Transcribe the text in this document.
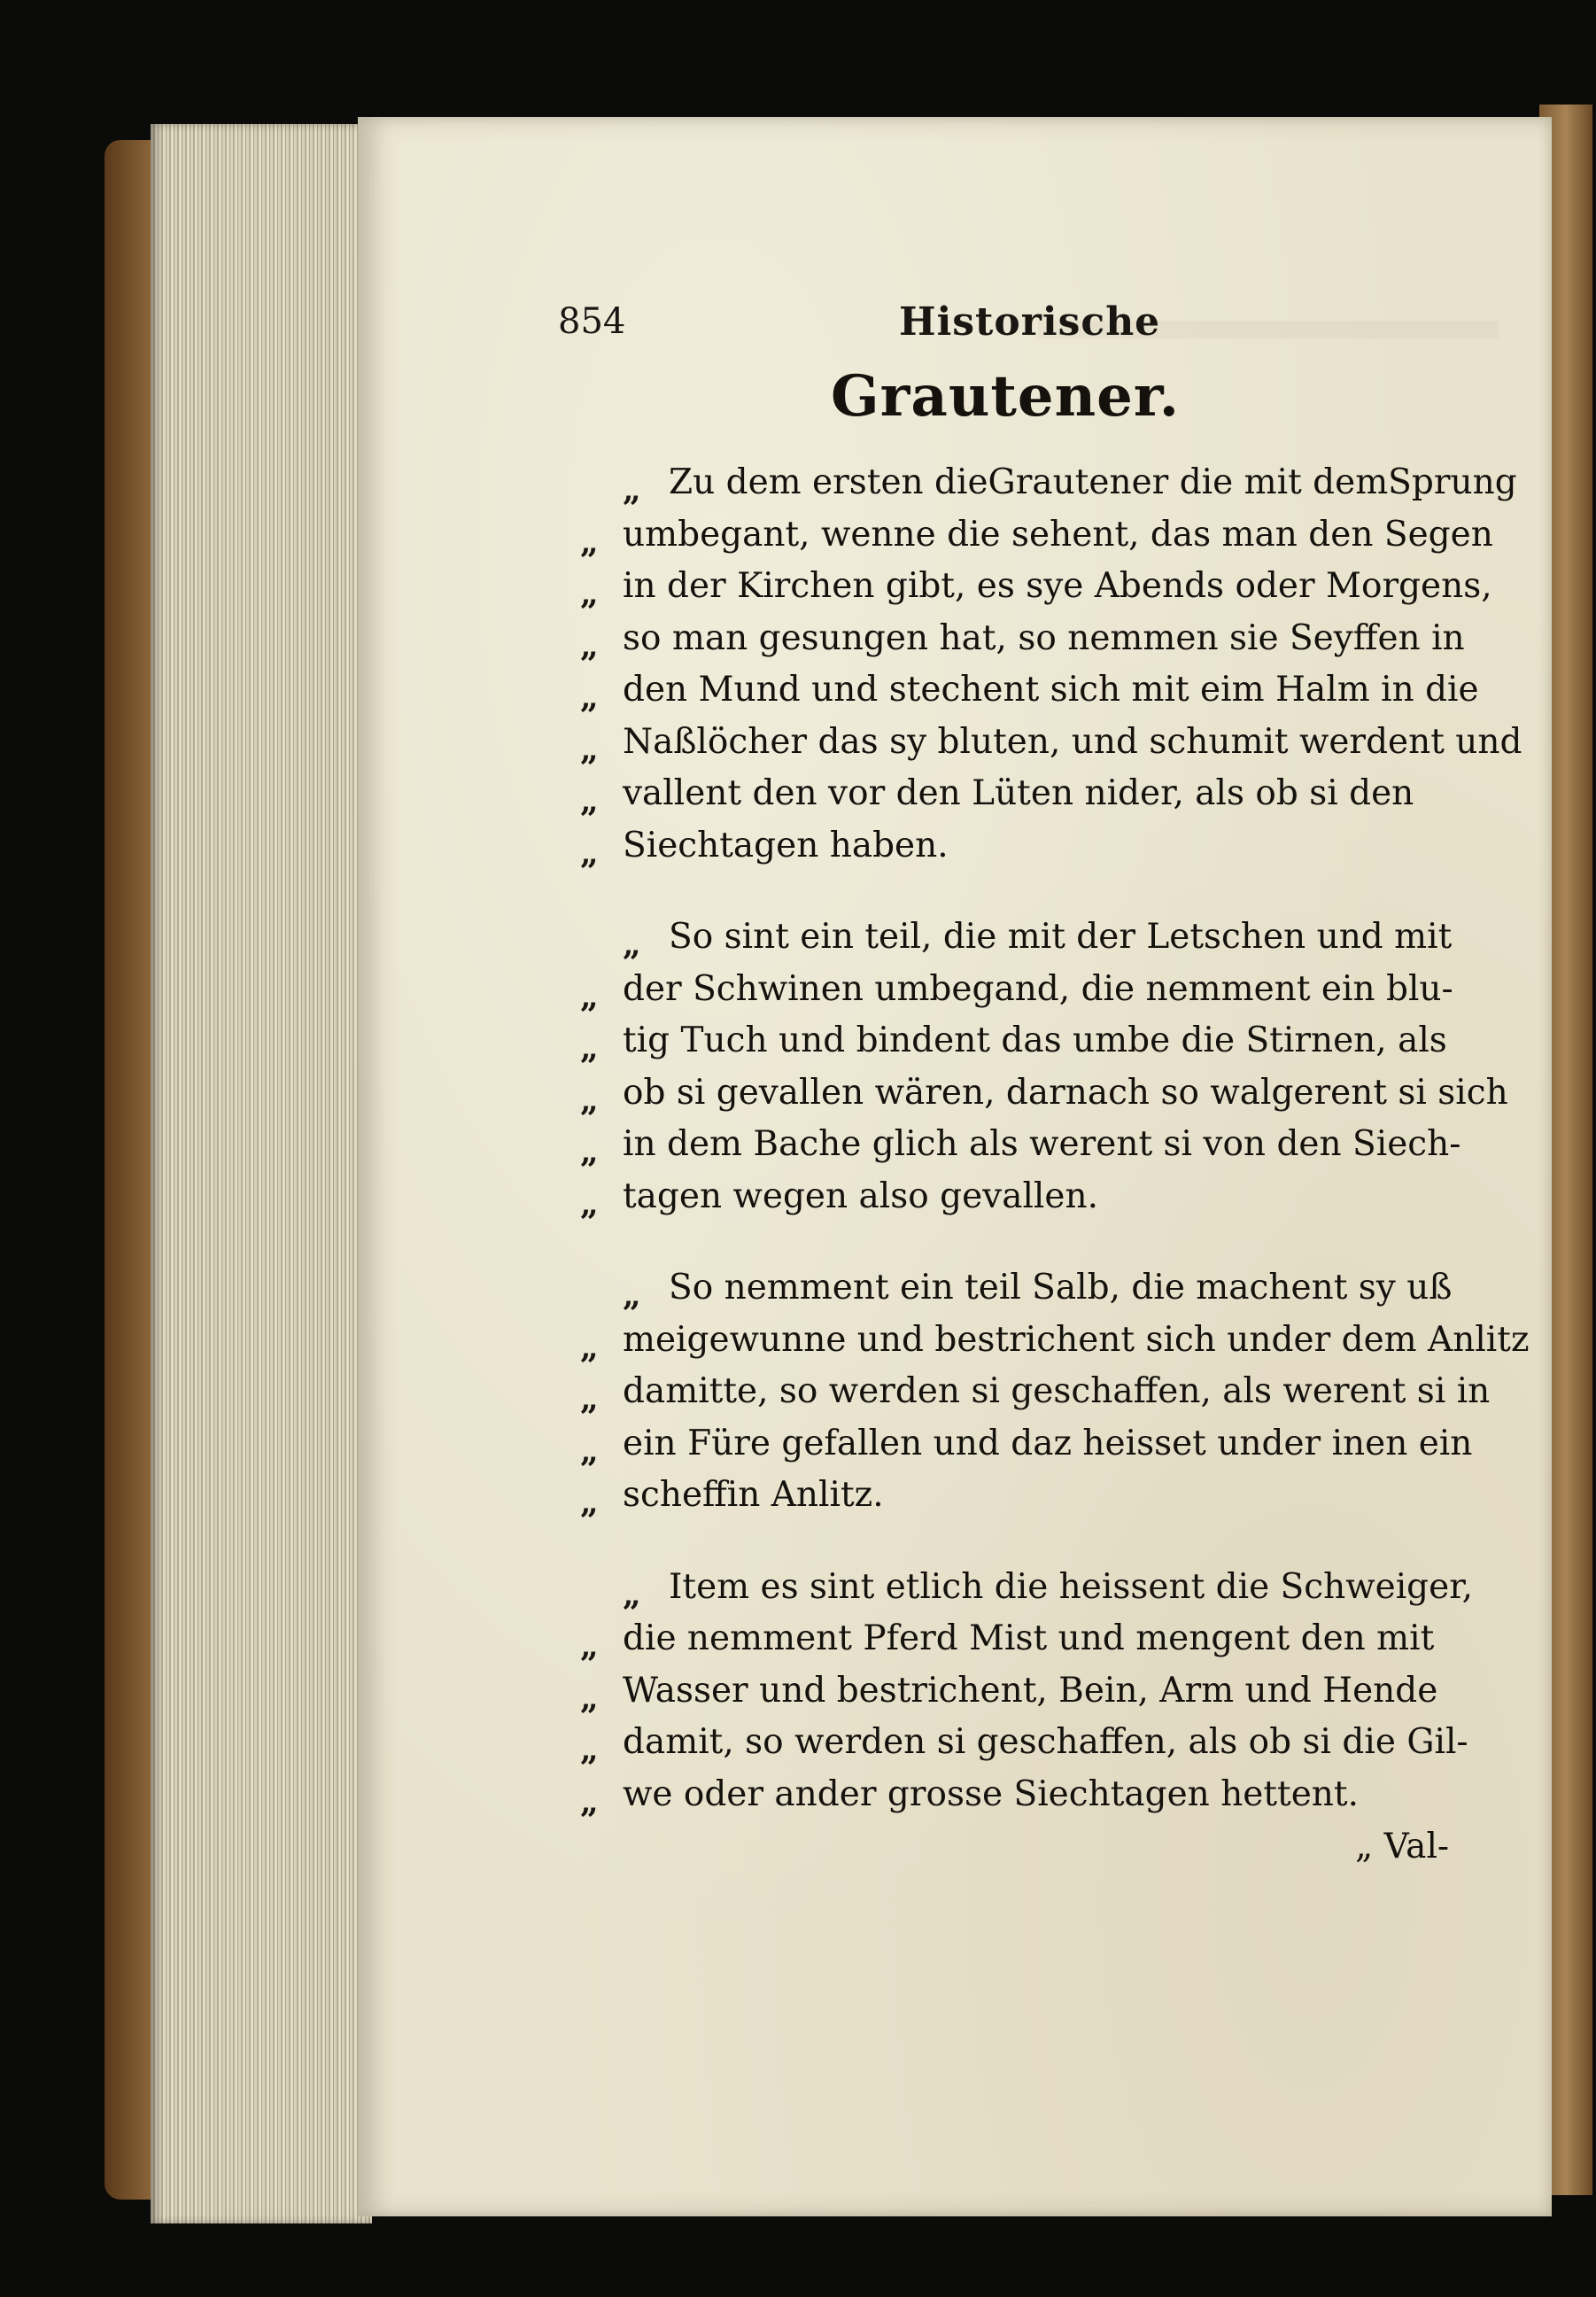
854	Historische
Grautener.
„ Zu dem ersten dieGrautener die mit demSprung
„ umbegant, wenne die sehent, das man den Segen
„ in der Kirchen gibt, es sye Abends oder Morgens,
„ so man gesungen hat, so nemmen sie Seyffen in
„ den Mund und stechent sich mit eim Halm in die
„ Naßlöcher das sy bluten, und schumit werdent und
„ vallent den vor den Lüten nider, als ob si den
„ Siechtagen haben.
„ So sint ein teil, die mit der Letschen und mit
„ der Schwinen umbegand, die nemment ein blu-
„ tig Tuch und bindent das umbe die Stirnen, als
„ ob si gevallen wären, darnach so walgerent si sich
„ in dem Bache glich als werent si von den Siech-
„ tagen wegen also gevallen.
„ So nemment ein teil Salb, die machent sy uß
„ meigewunne und bestrichent sich under dem Anlitz
„ damitte, so werden si geschaffen, als werent si in
„ ein Füre gefallen und daz heisset under inen ein
„ scheffin Anlitz.
„ Item es sint etlich die heissent die Schweiger,
„ die nemment Pferd Mist und mengent den mit
„ Wasser und bestrichent, Bein, Arm und Hende
„ damit, so werden si geschaffen, als ob si die Gil-
„ we oder ander grosse Siechtagen hettent.
„ Val-
